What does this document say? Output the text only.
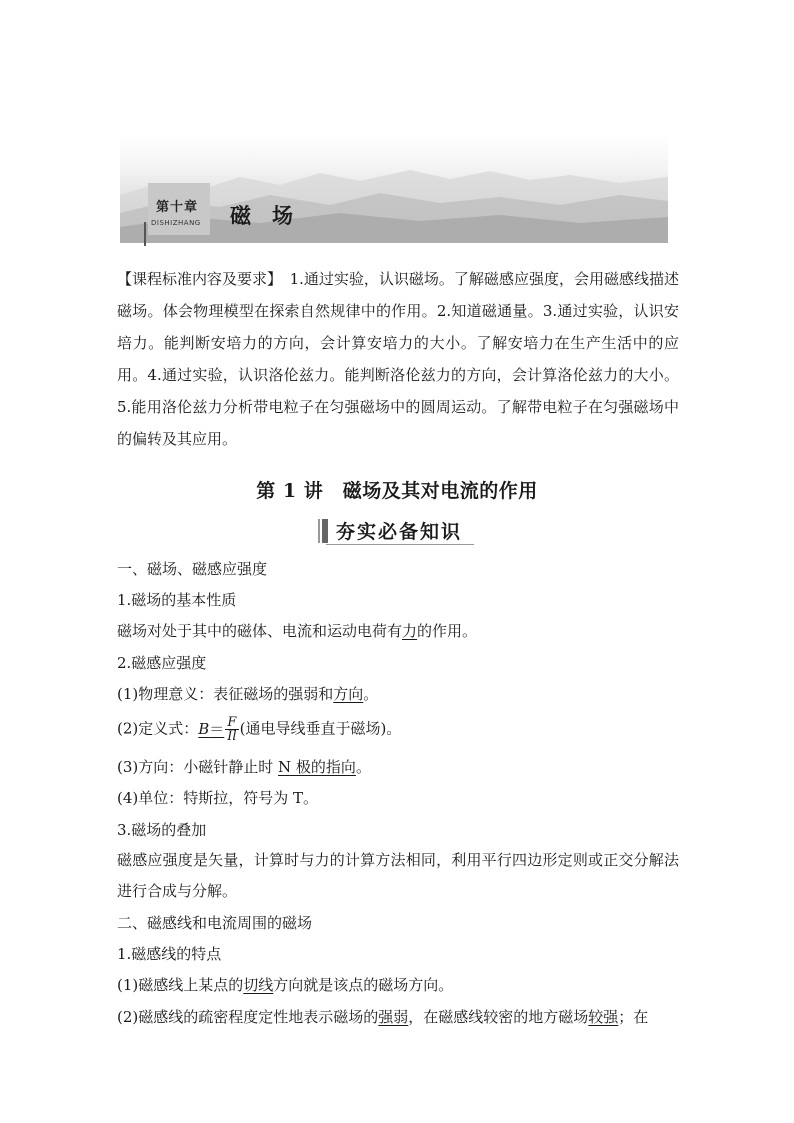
第十章
DISHIZHANG 磁　场
【课程标准内容及要求】　1.通过实验，认识磁场。了解磁感应强度，会用磁感线描述磁场。体会物理模型在探索自然规律中的作用。2.知道磁通量。3.通过实验，认识安培力。能判断安培力的方向，会计算安培力的大小。了解安培力在生产生活中的应用。4.通过实验，认识洛伦兹力。能判断洛伦兹力的方向，会计算洛伦兹力的大小。5.能用洛伦兹力分析带电粒子在匀强磁场中的圆周运动。了解带电粒子在匀强磁场中的偏转及其应用。
第 1 讲　磁场及其对电流的作用
夯实必备知识
一、磁场、磁感应强度
1.磁场的基本性质
磁场对处于其中的磁体、电流和运动电荷有力的作用。
2.磁感应强度
(1)物理意义：表征磁场的强弱和方向。
(2)定义式：$B= \frac{F}{Il}$ (通电导线垂直于磁场)。
(3)方向：小磁针静止时 N 极的指向。
(4)单位：特斯拉，符号为 T。
3.磁场的叠加
磁感应强度是矢量，计算时与力的计算方法相同，利用平行四边形定则或正交分解法进行合成与分解。
二、磁感线和电流周围的磁场
1.磁感线的特点
(1)磁感线上某点的切线方向就是该点的磁场方向。
(2)磁感线的疏密程度定性地表示磁场的强弱，在磁感线较密的地方磁场较强；在
